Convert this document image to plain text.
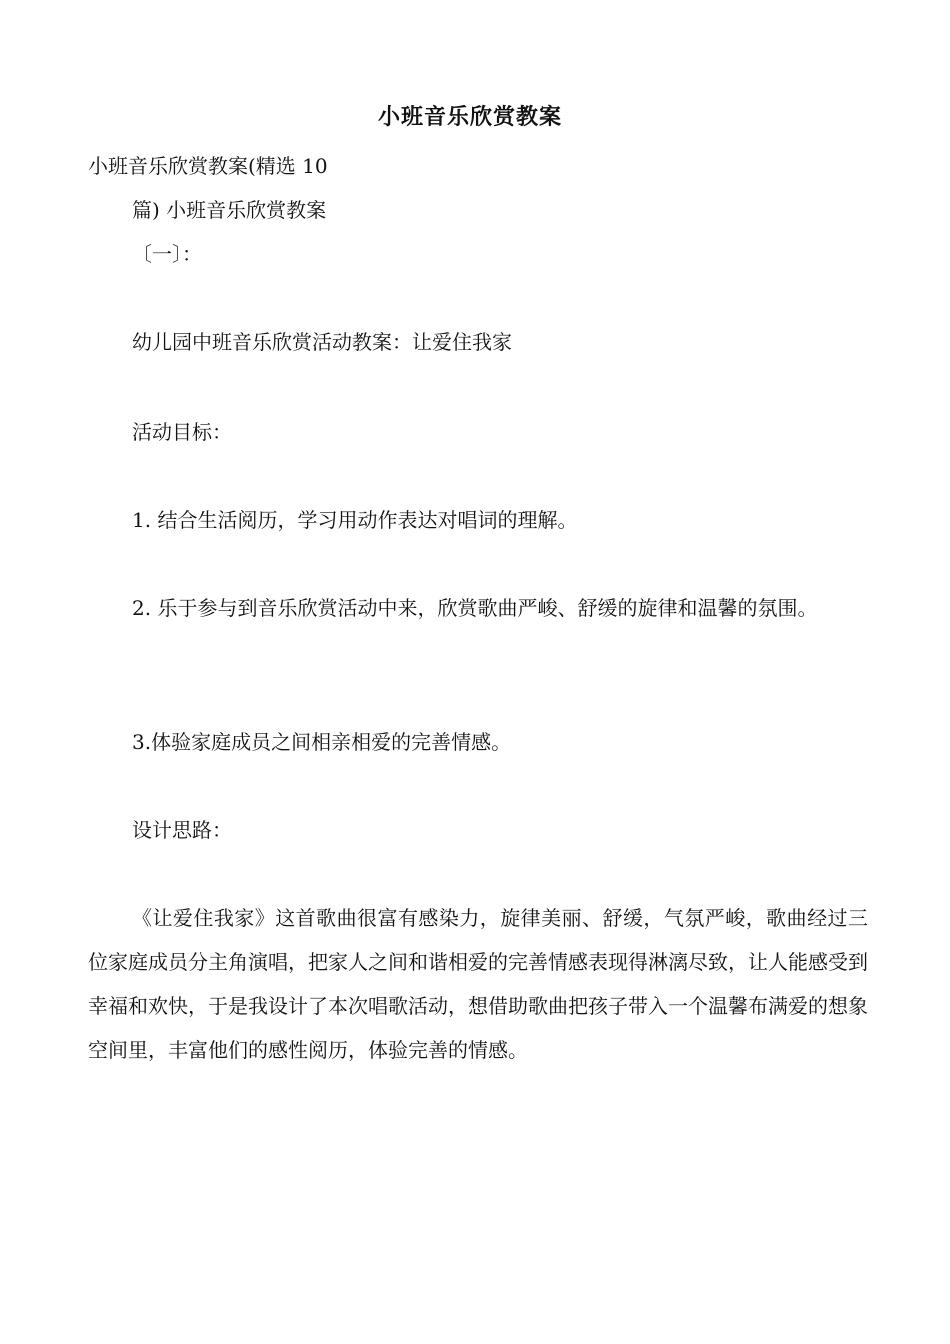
小班音乐欣赏教案
小班音乐欣赏教案(精选 10
篇) 小班音乐欣赏教案
〔一〕：
幼儿园中班音乐欣赏活动教案：让爱住我家
活动目标：
1. 结合生活阅历，学习用动作表达对唱词的理解。
2. 乐于参与到音乐欣赏活动中来，欣赏歌曲严峻、舒缓的旋律和温馨的氛围。
3.体验家庭成员之间相亲相爱的完善情感。
设计思路：
《让爱住我家》这首歌曲很富有感染力，旋律美丽、舒缓，气氛严峻，歌曲经过三位家庭成员分主角演唱，把家人之间和谐相爱的完善情感表现得淋漓尽致，让人能感受到幸福和欢快，于是我设计了本次唱歌活动，想借助歌曲把孩子带入一个温馨布满爱的想象空间里，丰富他们的感性阅历，体验完善的情感。
